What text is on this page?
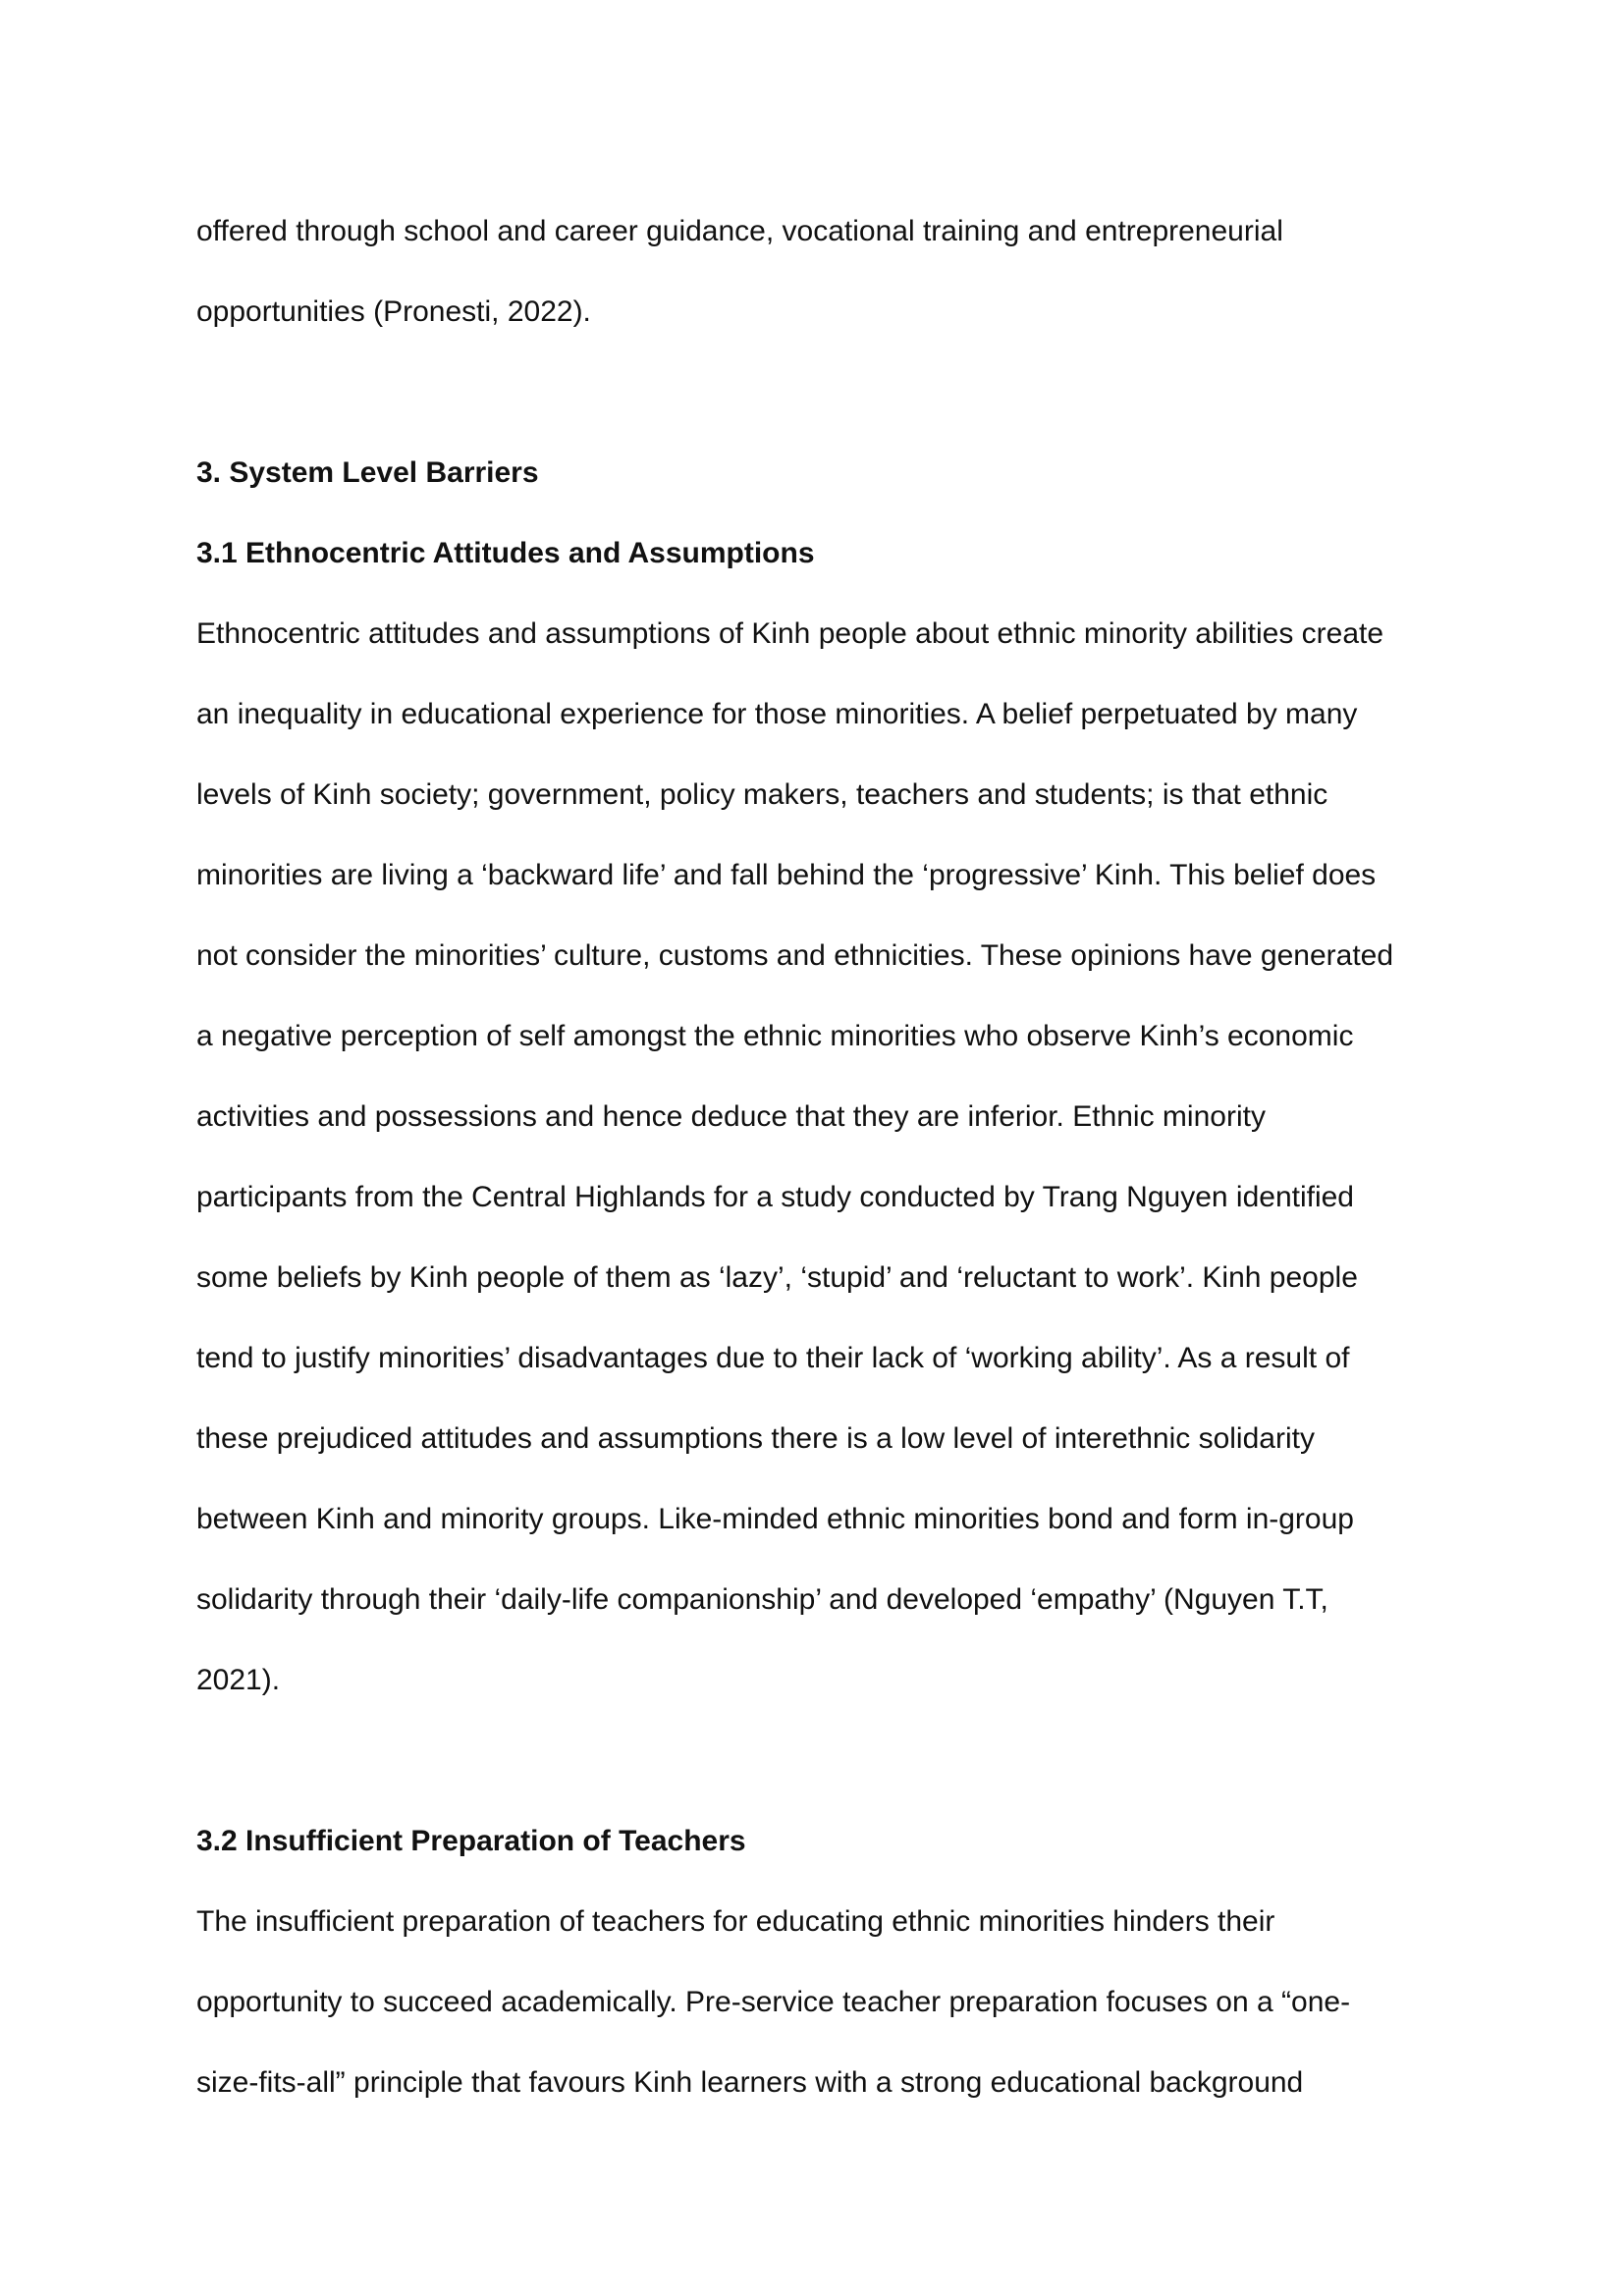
offered through school and career guidance, vocational training and entrepreneurial
opportunities (Pronesti, 2022).
3. System Level Barriers
3.1 Ethnocentric Attitudes and Assumptions
Ethnocentric attitudes and assumptions of Kinh people about ethnic minority abilities create
an inequality in educational experience for those minorities. A belief perpetuated by many
levels of Kinh society; government, policy makers, teachers and students; is that ethnic
minorities are living a ‘backward life’ and fall behind the ‘progressive’ Kinh. This belief does
not consider the minorities’ culture, customs and ethnicities. These opinions have generated
a negative perception of self amongst the ethnic minorities who observe Kinh’s economic
activities and possessions and hence deduce that they are inferior. Ethnic minority
participants from the Central Highlands for a study conducted by Trang Nguyen identified
some beliefs by Kinh people of them as ‘lazy’, ‘stupid’ and ‘reluctant to work’. Kinh people
tend to justify minorities’ disadvantages due to their lack of ‘working ability’. As a result of
these prejudiced attitudes and assumptions there is a low level of interethnic solidarity
between Kinh and minority groups. Like-minded ethnic minorities bond and form in-group
solidarity through their ‘daily-life companionship’ and developed ‘empathy’ (Nguyen T.T,
2021).
3.2 Insufficient Preparation of Teachers
The insufficient preparation of teachers for educating ethnic minorities hinders their
opportunity to succeed academically. Pre-service teacher preparation focuses on a “one-
size-fits-all” principle that favours Kinh learners with a strong educational background
